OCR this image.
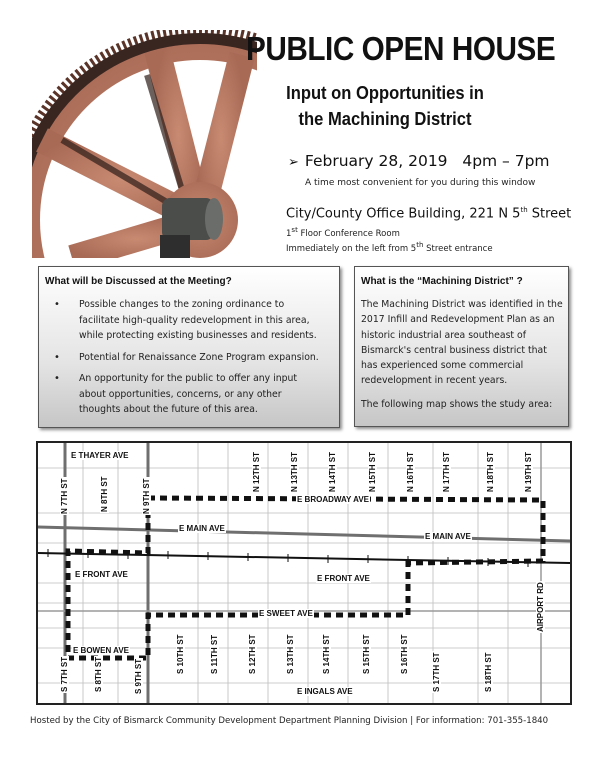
PUBLIC OPEN HOUSE
Input on Opportunities in
the Machining District
➢ February 28, 2019 4pm – 7pm
A time most convenient for you during this window
City/County Office Building, 221 N 5th Street
1st Floor Conference Room
Immediately on the left from 5th Street entrance
What will be Discussed at the Meeting?
• Possible changes to the zoning ordinance to facilitate high-quality redevelopment in this area, while protecting existing businesses and residents.
• Potential for Renaissance Zone Program expansion.
• An opportunity for the public to offer any input about opportunities, concerns, or any other thoughts about the future of this area.
What is the “Machining District” ?
The Machining District was identified in the 2017 Infill and Redevelopment Plan as an historic industrial area southeast of Bismarck's central business district that has experienced some commercial redevelopment in recent years.
The following map shows the study area:
E THAYER AVE
E BROADWAY AVE
E MAIN AVE
E MAIN AVE
E FRONT AVE	E FRONT AVE
E SWEET AVE
E BOWEN AVE
E INGALS AVE
N 7TH ST	N 8TH ST	N 9TH ST
N 12TH ST	N 13TH ST	N 14TH ST	N 15TH ST	N 16TH ST	N 17TH ST	N 18TH ST	N 19TH ST
S 7TH ST	S 8TH ST	S 9TH ST
S 10TH ST	S 11TH ST	S 12TH ST	S 13TH ST	S 14TH ST	S 15TH ST	S 16TH ST	S 17TH ST	S 18TH ST
AIRPORT RD
Hosted by the City of Bismarck Community Development Department Planning Division | For information: 701-355-1840
